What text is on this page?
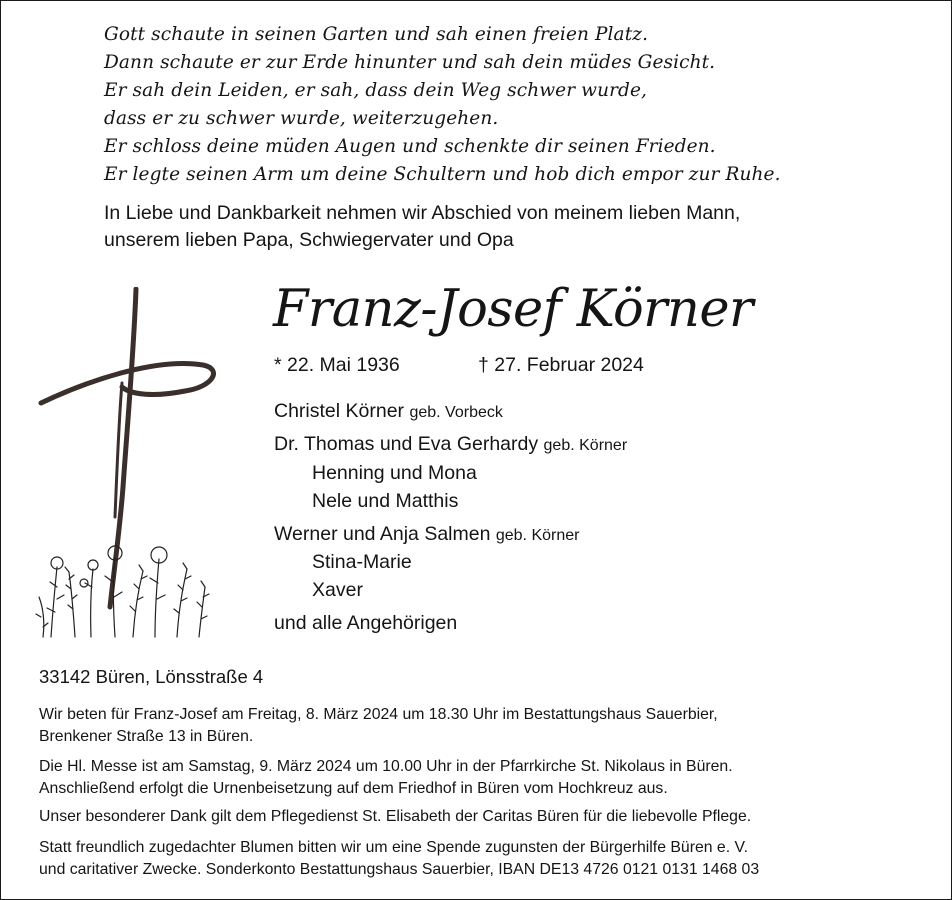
Gott schaute in seinen Garten und sah einen freien Platz.
Dann schaute er zur Erde hinunter und sah dein müdes Gesicht.
Er sah dein Leiden, er sah, dass dein Weg schwer wurde,
dass er zu schwer wurde, weiterzugehen.
Er schloss deine müden Augen und schenkte dir seinen Frieden.
Er legte seinen Arm um deine Schultern und hob dich empor zur Ruhe.
In Liebe und Dankbarkeit nehmen wir Abschied von meinem lieben Mann,
unserem lieben Papa, Schwiegervater und Opa
Franz-Josef Körner
* 22. Mai 1936	† 27. Februar 2024
Christel Körner geb. Vorbeck
Dr. Thomas und Eva Gerhardy geb. Körner
Henning und Mona
Nele und Matthis
Werner und Anja Salmen geb. Körner
Stina-Marie
Xaver
und alle Angehörigen
33142 Büren, Lönsstraße 4
Wir beten für Franz-Josef am Freitag, 8. März 2024 um 18.30 Uhr im Bestattungshaus Sauerbier,
Brenkener Straße 13 in Büren.
Die Hl. Messe ist am Samstag, 9. März 2024 um 10.00 Uhr in der Pfarrkirche St. Nikolaus in Büren.
Anschließend erfolgt die Urnenbeisetzung auf dem Friedhof in Büren vom Hochkreuz aus.
Unser besonderer Dank gilt dem Pflegedienst St. Elisabeth der Caritas Büren für die liebevolle Pflege.
Statt freundlich zugedachter Blumen bitten wir um eine Spende zugunsten der Bürgerhilfe Büren e. V.
und caritativer Zwecke. Sonderkonto Bestattungshaus Sauerbier, IBAN DE13 4726 0121 0131 1468 03
